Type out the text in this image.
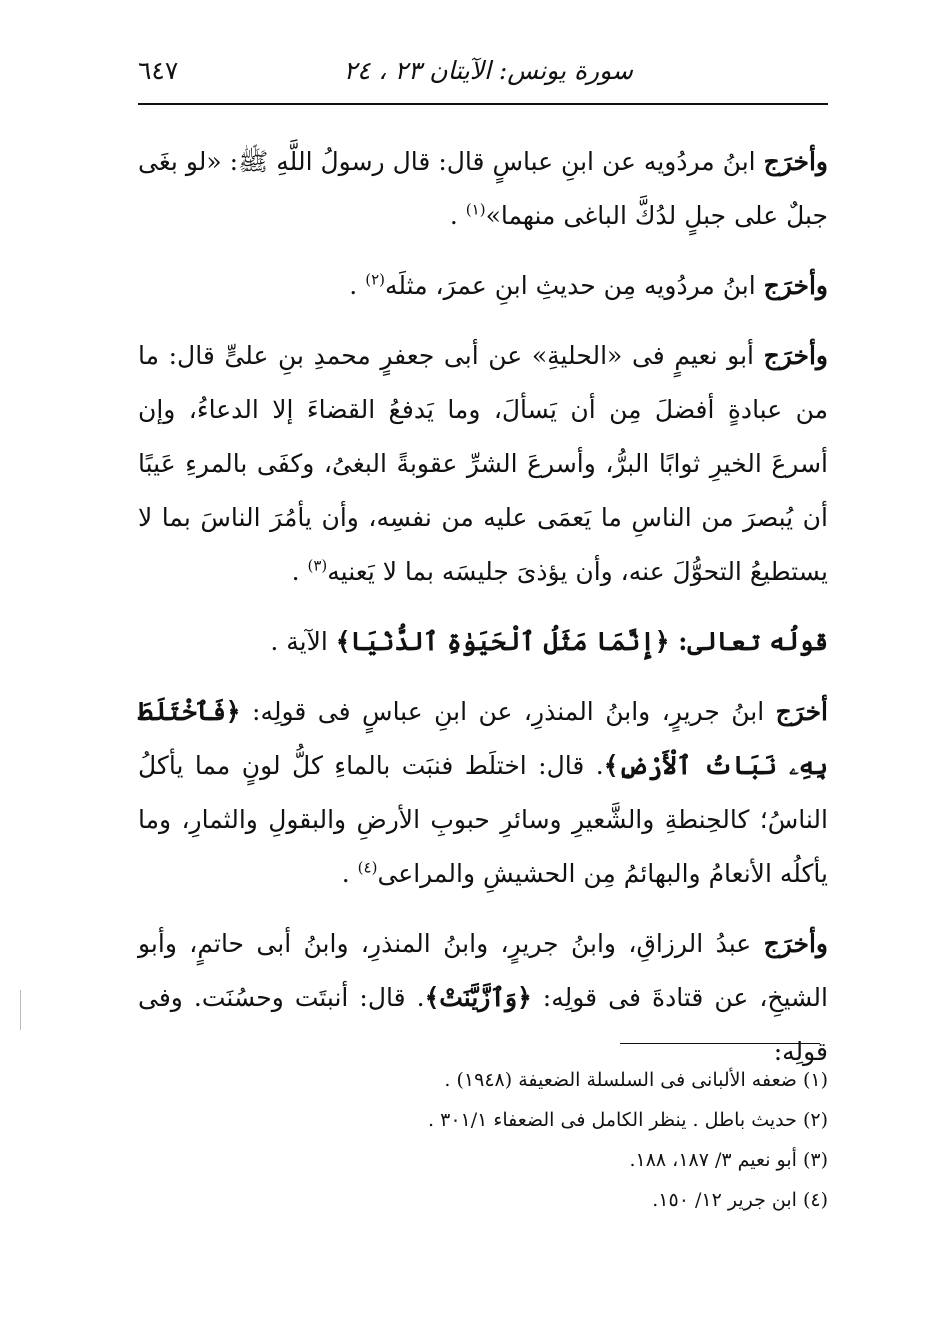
سورة يونس: الآيتان ٢٣ ، ٢٤
٦٤٧

وأخرَج ابنُ مردُويه عن ابنِ عباسٍ قال: قال رسولُ اللَّهِ ﷺ: «لو بغَى جبلٌ على جبلٍ لدُكَّ الباغى منهما»$^{(١)}$ .

وأخرَج ابنُ مردُويه مِن حديثِ ابنِ عمرَ، مثلَه$^{(٢)}$ .

وأخرَج أبو نعيمٍ فى «الحليةِ» عن أبى جعفرٍ محمدِ بنِ علىٍّ قال: ما من عبادةٍ أفضلَ مِن أن يَسألَ، وما يَدفعُ القضاءَ إلا الدعاءُ، وإن أسرعَ الخيرِ ثوابًا البرُّ، وأسرعَ الشرِّ عقوبةً البغىُ، وكفَى بالمرءِ عَيبًا أن يُبصرَ من الناسِ ما يَعمَى عليه من نفسِه، وأن يأمُرَ الناسَ بما لا يستطيعُ التحوُّلَ عنه، وأن يؤذىَ جليسَه بما لا يَعنيه$^{(٣)}$ .

قولُه تعالى: ﴿إِنَّمَا مَثَلُ ٱلْحَيَوٰةِ ٱلدُّنْيَا﴾ الآية .

أخرَج ابنُ جريرٍ، وابنُ المنذرِ، عن ابنِ عباسٍ فى قولِه: ﴿فَٱخْتَلَطَ بِهِۦ نَبَاتُ ٱلْأَرْضِ﴾. قال: اختلَط فنبَت بالماءِ كلُّ لونٍ مما يأكلُ الناسُ؛ كالحِنطةِ والشَّعيرِ وسائرِ حبوبِ الأرضِ والبقولِ والثمارِ، وما يأكلُه الأنعامُ والبهائمُ مِن الحشيشِ والمراعى$^{(٤)}$ .

وأخرَج عبدُ الرزاقِ، وابنُ جريرٍ، وابنُ المنذرِ، وابنُ أبى حاتمٍ، وأبو الشيخِ، عن قتادةَ فى قولِه: ﴿وَٱزَّيَّنَتْ﴾. قال: أنبتَت وحسُنَت. وفى قولِه:

(١) ضعفه الألبانى فى السلسلة الضعيفة (١٩٤٨) .

(٢) حديث باطل . ينظر الكامل فى الضعفاء ٣٠١/١ .

(٣) أبو نعيم ٣/ ١٨٧، ١٨٨.

(٤) ابن جرير ١٢/ ١٥٠.
